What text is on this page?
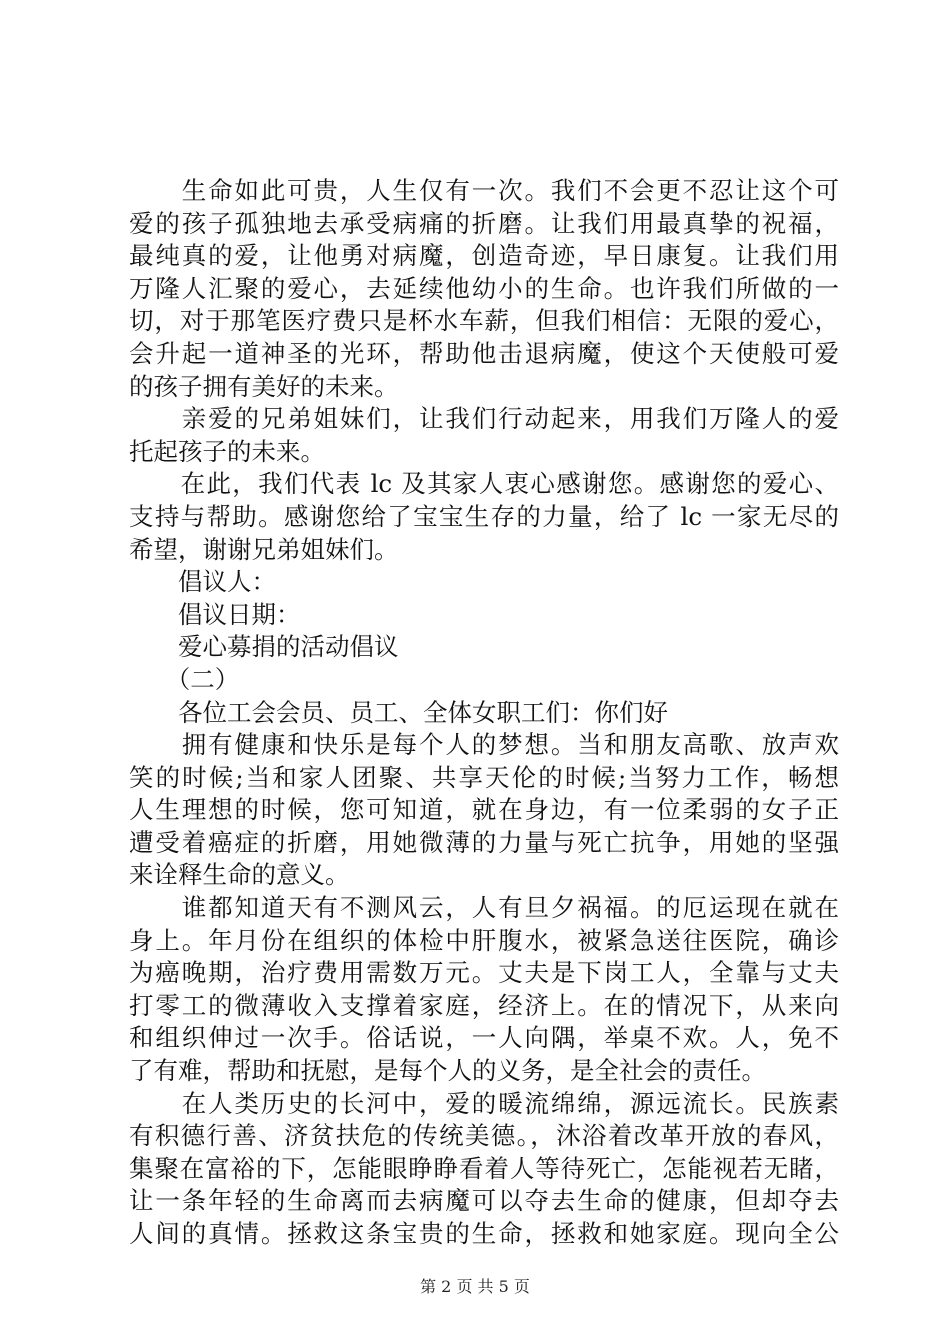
　　生命如此可贵，人生仅有一次。我们不会更不忍让这个可
爱的孩子孤独地去承受病痛的折磨。让我们用最真挚的祝福，
最纯真的爱，让他勇对病魔，创造奇迹，早日康复。让我们用
万隆人汇聚的爱心，去延续他幼小的生命。也许我们所做的一
切，对于那笔医疗费只是杯水车薪，但我们相信：无限的爱心，
会升起一道神圣的光环，帮助他击退病魔，使这个天使般可爱
的孩子拥有美好的未来。
　　亲爱的兄弟姐妹们，让我们行动起来，用我们万隆人的爱
托起孩子的未来。
　　在此，我们代表 lc 及其家人衷心感谢您。感谢您的爱心、
支持与帮助。感谢您给了宝宝生存的力量，给了 lc 一家无尽的
希望，谢谢兄弟姐妹们。
　　倡议人：
　　倡议日期：
　　爱心募捐的活动倡议
　　（二）
　　各位工会会员、员工、全体女职工们：你们好
　　拥有健康和快乐是每个人的梦想。当和朋友高歌、放声欢
笑的时候;当和家人团聚、共享天伦的时候;当努力工作，畅想
人生理想的时候，您可知道，就在身边，有一位柔弱的女子正
遭受着癌症的折磨，用她微薄的力量与死亡抗争，用她的坚强
来诠释生命的意义。
　　谁都知道天有不测风云，人有旦夕祸福。的厄运现在就在
身上。年月份在组织的体检中肝腹水，被紧急送往医院，确诊
为癌晚期，治疗费用需数万元。丈夫是下岗工人，全靠与丈夫
打零工的微薄收入支撑着家庭，经济上。在的情况下，从来向
和组织伸过一次手。俗话说，一人向隅，举桌不欢。人，免不
了有难，帮助和抚慰，是每个人的义务，是全社会的责任。
　　在人类历史的长河中，爱的暖流绵绵，源远流长。民族素
有积德行善、济贫扶危的传统美德。，沐浴着改革开放的春风，
集聚在富裕的下，怎能眼睁睁看着人等待死亡，怎能视若无睹，
让一条年轻的生命离而去病魔可以夺去生命的健康，但却夺去
人间的真情。拯救这条宝贵的生命，拯救和她家庭。现向全公
第 2 页 共 5 页
